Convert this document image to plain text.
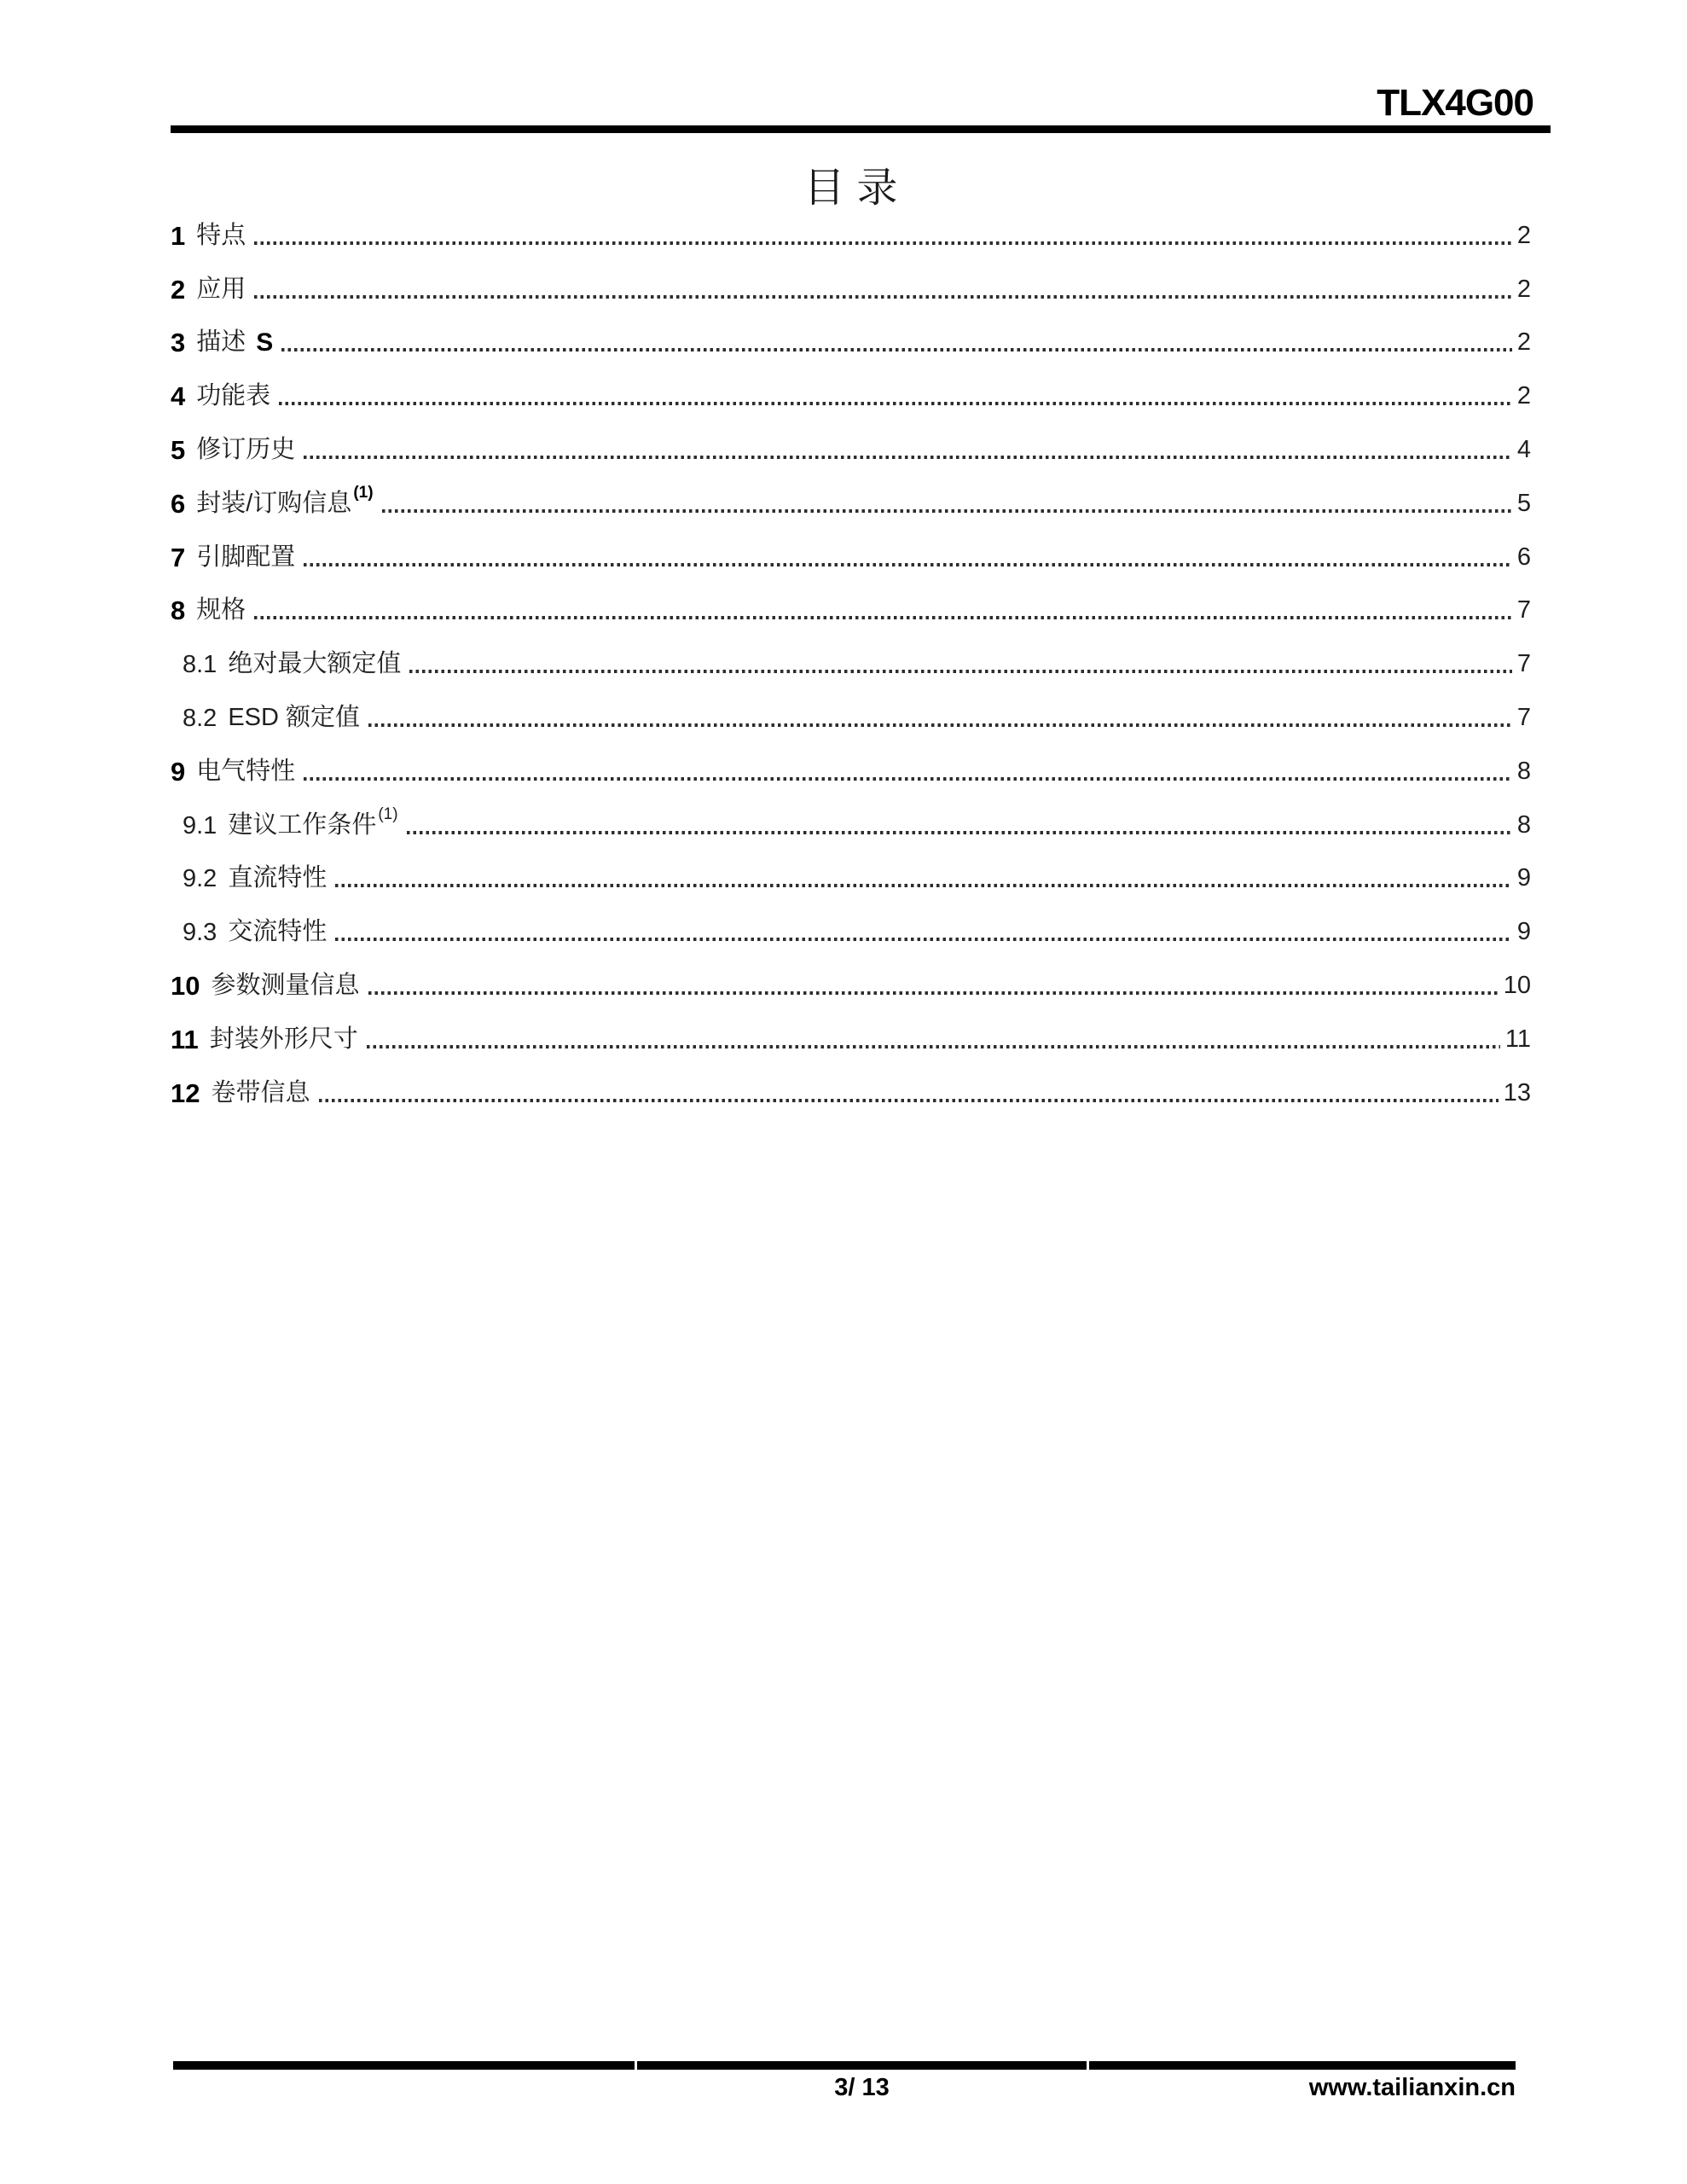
TLX4G00
目录
1 特点	2
2 应用	2
3 描述 S	2
4 功能表	2
5 修订历史	4
6 封装/订购信息 (1)	5
7 引脚配置	6
8 规格	7
8.1 绝对最大额定值	7
8.2 ESD 额定值	7
9 电气特性	8
9.1 建议工作条件 (1)	8
9.2 直流特性	9
9.3 交流特性	9
10 参数测量信息	10
11 封装外形尺寸	11
12 卷带信息	13
3/ 13	www.tailianxin.cn
